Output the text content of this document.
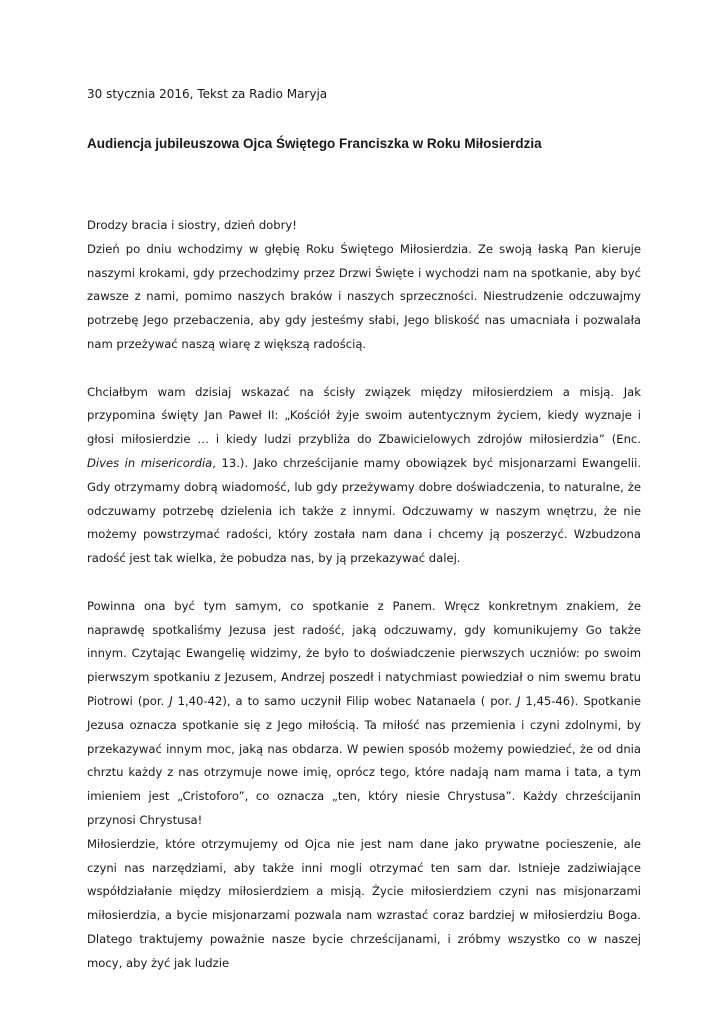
30 stycznia 2016, Tekst za Radio Maryja

Audiencja jubileuszowa Ojca Świętego Franciszka w Roku Miłosierdzia

Drodzy bracia i siostry, dzień dobry!

Dzień po dniu wchodzimy w głębię Roku Świętego Miłosierdzia. Ze swoją łaską Pan kieruje naszymi krokami, gdy przechodzimy przez Drzwi Święte i wychodzi nam na spotkanie, aby być zawsze z nami, pomimo naszych braków i naszych sprzeczności. Niestrudzenie odczuwajmy potrzebę Jego przebaczenia, aby gdy jesteśmy słabi, Jego bliskość nas umacniała i pozwalała nam przeżywać naszą wiarę z większą radością.

Chciałbym wam dzisiaj wskazać na ścisły związek między miłosierdziem a misją. Jak przypomina święty Jan Paweł II: „Kościół żyje swoim autentycznym życiem, kiedy wyznaje i głosi miłosierdzie … i kiedy ludzi przybliża do Zbawicielowych zdrojów miłosierdzia” (Enc. Dives in misericordia, 13.). Jako chrześcijanie mamy obowiązek być misjonarzami Ewangelii. Gdy otrzymamy dobrą wiadomość, lub gdy przeżywamy dobre doświadczenia, to naturalne, że odczuwamy potrzebę dzielenia ich także z innymi. Odczuwamy w naszym wnętrzu, że nie możemy powstrzymać radości, który została nam dana i chcemy ją poszerzyć. Wzbudzona radość jest tak wielka, że pobudza nas, by ją przekazywać dalej.

Powinna ona być tym samym, co spotkanie z Panem. Wręcz konkretnym znakiem, że naprawdę spotkaliśmy Jezusa jest radość, jaką odczuwamy, gdy komunikujemy Go także innym. Czytając Ewangelię widzimy, że było to doświadczenie pierwszych uczniów: po swoim pierwszym spotkaniu z Jezusem, Andrzej poszedł i natychmiast powiedział o nim swemu bratu Piotrowi (por. J 1,40-42), a to samo uczynił Filip wobec Natanaela ( por. J 1,45-46). Spotkanie Jezusa oznacza spotkanie się z Jego miłością. Ta miłość nas przemienia i czyni zdolnymi, by przekazywać innym moc, jaką nas obdarza. W pewien sposób możemy powiedzieć, że od dnia chrztu każdy z nas otrzymuje nowe imię, oprócz tego, które nadają nam mama i tata, a tym imieniem jest „Cristoforo”, co oznacza „ten, który niesie Chrystusa”. Każdy chrześcijanin przynosi Chrystusa!

Miłosierdzie, które otrzymujemy od Ojca nie jest nam dane jako prywatne pocieszenie, ale czyni nas narzędziami, aby także inni mogli otrzymać ten sam dar. Istnieje zadziwiające współdziałanie między miłosierdziem a misją. Życie miłosierdziem czyni nas misjonarzami miłosierdzia, a bycie misjonarzami pozwala nam wzrastać coraz bardziej w miłosierdziu Boga. Dlatego traktujemy poważnie nasze bycie chrześcijanami, i zróbmy wszystko co w naszej mocy, aby żyć jak ludzie
